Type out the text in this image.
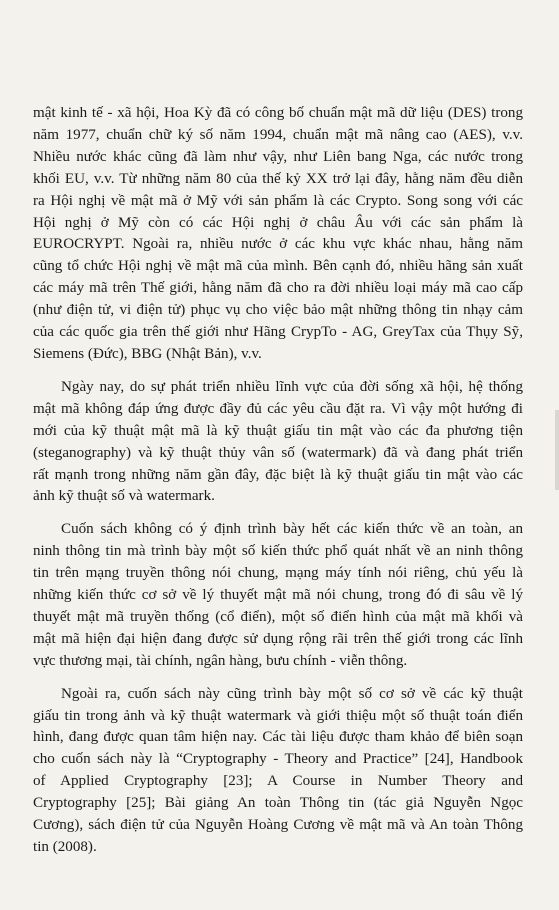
mật kinh tế - xã hội, Hoa Kỳ đã có công bố chuẩn mật mã dữ liệu (DES) trong
năm 1977, chuẩn chữ ký số năm 1994, chuẩn mật mã nâng cao (AES), v.v.
Nhiều nước khác cũng đã làm như vậy, như Liên bang Nga, các nước trong
khối EU, v.v. Từ những năm 80 của thế kỷ XX trở lại đây, hằng năm đều diễn
ra Hội nghị về mật mã ở Mỹ với sản phẩm là các Crypto. Song song với các
Hội nghị ở Mỹ còn có các Hội nghị ở châu Âu với các sản phẩm là
EUROCRYPT. Ngoài ra, nhiều nước ở các khu vực khác nhau, hằng năm
cũng tổ chức Hội nghị về mật mã của mình. Bên cạnh đó, nhiều hãng sản xuất
các máy mã trên Thế giới, hằng năm đã cho ra đời nhiều loại máy mã cao cấp
(như điện tử, vi điện tử) phục vụ cho việc bảo mật những thông tin nhạy cảm
của các quốc gia trên thế giới như Hãng CrypTo - AG, GreyTax của Thụy Sỹ,
Siemens (Đức), BBG (Nhật Bản), v.v.
Ngày nay, do sự phát triển nhiều lĩnh vực của đời sống xã hội, hệ thống
mật mã không đáp ứng được đầy đủ các yêu cầu đặt ra. Vì vậy một hướng đi
mới của kỹ thuật mật mã là kỹ thuật giấu tin mật vào các đa phương tiện
(steganography) và kỹ thuật thủy vân số (watermark) đã và đang phát triển
rất mạnh trong những năm gần đây, đặc biệt là kỹ thuật giấu tin mật vào các
ảnh kỹ thuật số và watermark.
Cuốn sách không có ý định trình bày hết các kiến thức về an toàn, an
ninh thông tin mà trình bày một số kiến thức phổ quát nhất về an ninh thông
tin trên mạng truyền thông nói chung, mạng máy tính nói riêng, chủ yếu là
những kiến thức cơ sở về lý thuyết mật mã nói chung, trong đó đi sâu về lý
thuyết mật mã truyền thống (cổ điển), một số điển hình của mật mã khối và
mật mã hiện đại hiện đang được sử dụng rộng rãi trên thế giới trong các lĩnh
vực thương mại, tài chính, ngân hàng, bưu chính - viễn thông.
Ngoài ra, cuốn sách này cũng trình bày một số cơ sở về các kỹ thuật
giấu tin trong ảnh và kỹ thuật watermark và giới thiệu một số thuật toán điển
hình, đang được quan tâm hiện nay. Các tài liệu được tham khảo để biên soạn
cho cuốn sách này là “Cryptography - Theory and Practice” [24], Handbook
of Applied Cryptography [23]; A Course in Number Theory and
Cryptography [25]; Bài giảng An toàn Thông tin (tác giả Nguyễn Ngọc
Cương), sách điện tử của Nguyễn Hoàng Cương về mật mã và An toàn Thông
tin (2008).
